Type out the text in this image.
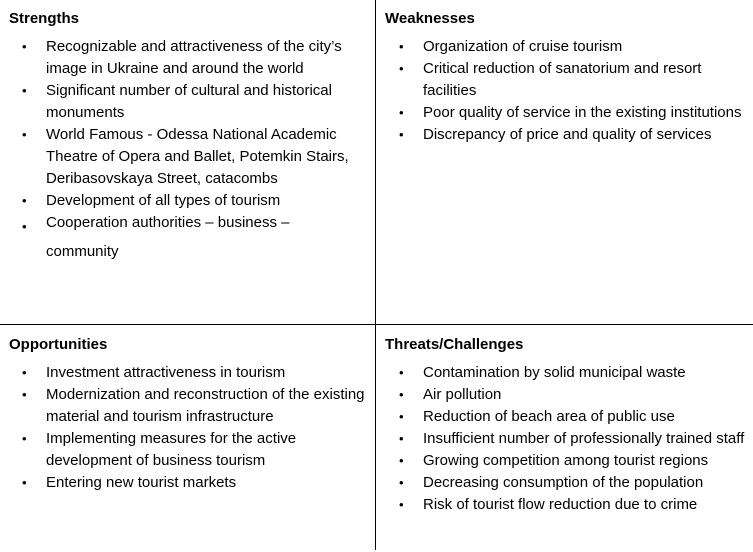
Strengths
• Recognizable and attractiveness of the city’s image in Ukraine and around the world
• Significant number of cultural and historical monuments
• World Famous - Odessa National Academic Theatre of Opera and Ballet, Potemkin Stairs, Deribasovskaya Street, catacombs
• Development of all types of tourism
• Cooperation authorities – business –
community
Weaknesses
• Organization of cruise tourism
• Critical reduction of sanatorium and resort facilities
• Poor quality of service in the existing institutions
• Discrepancy of price and quality of services
Opportunities
• Investment attractiveness in tourism
• Modernization and reconstruction of the existing material and tourism infrastructure
• Implementing measures for the active development of business tourism
• Entering new tourist markets
Threats/Challenges
• Contamination by solid municipal waste
• Air pollution
• Reduction of beach area of public use
• Insufficient number of professionally trained staff
• Growing competition among tourist regions
• Decreasing consumption of the population
• Risk of tourist flow reduction due to crime
